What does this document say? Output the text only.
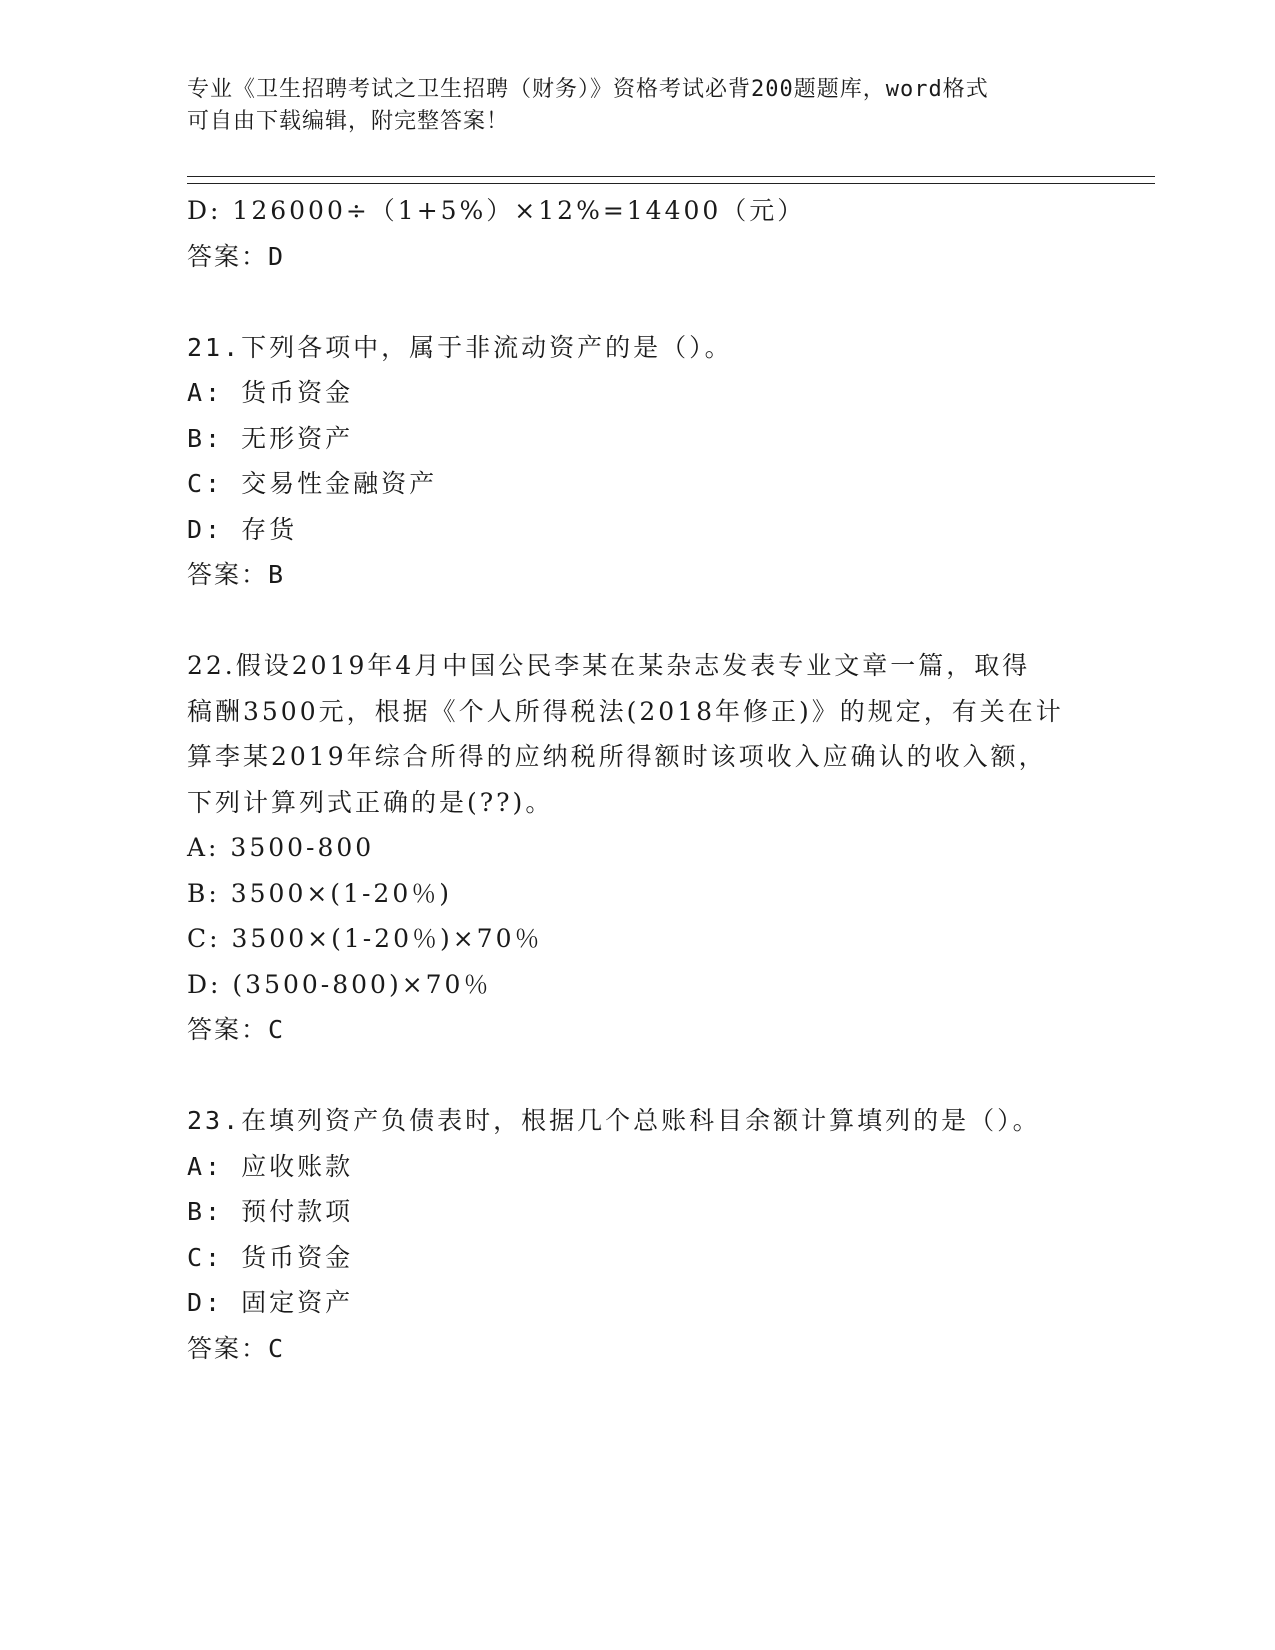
专业《卫生招聘考试之卫生招聘（财务）》资格考试必背200题题库，word格式
可自由下载编辑，附完整答案！
D: 126000÷（1+5%）×12%=14400（元）
答案：D
21.下列各项中，属于非流动资产的是（）。
A: 货币资金
B: 无形资产
C: 交易性金融资产
D: 存货
答案：B
22.假设2019年4月中国公民李某在某杂志发表专业文章一篇，取得
稿酬3500元，根据《个人所得税法(2018年修正)》的规定，有关在计
算李某2019年综合所得的应纳税所得额时该项收入应确认的收入额，
下列计算列式正确的是(??)。
A: 3500-800
B: 3500×(1-20％)
C: 3500×(1-20％)×70％
D: (3500-800)×70％
答案：C
23.在填列资产负债表时，根据几个总账科目余额计算填列的是（）。
A: 应收账款
B: 预付款项
C: 货币资金
D: 固定资产
答案：C
